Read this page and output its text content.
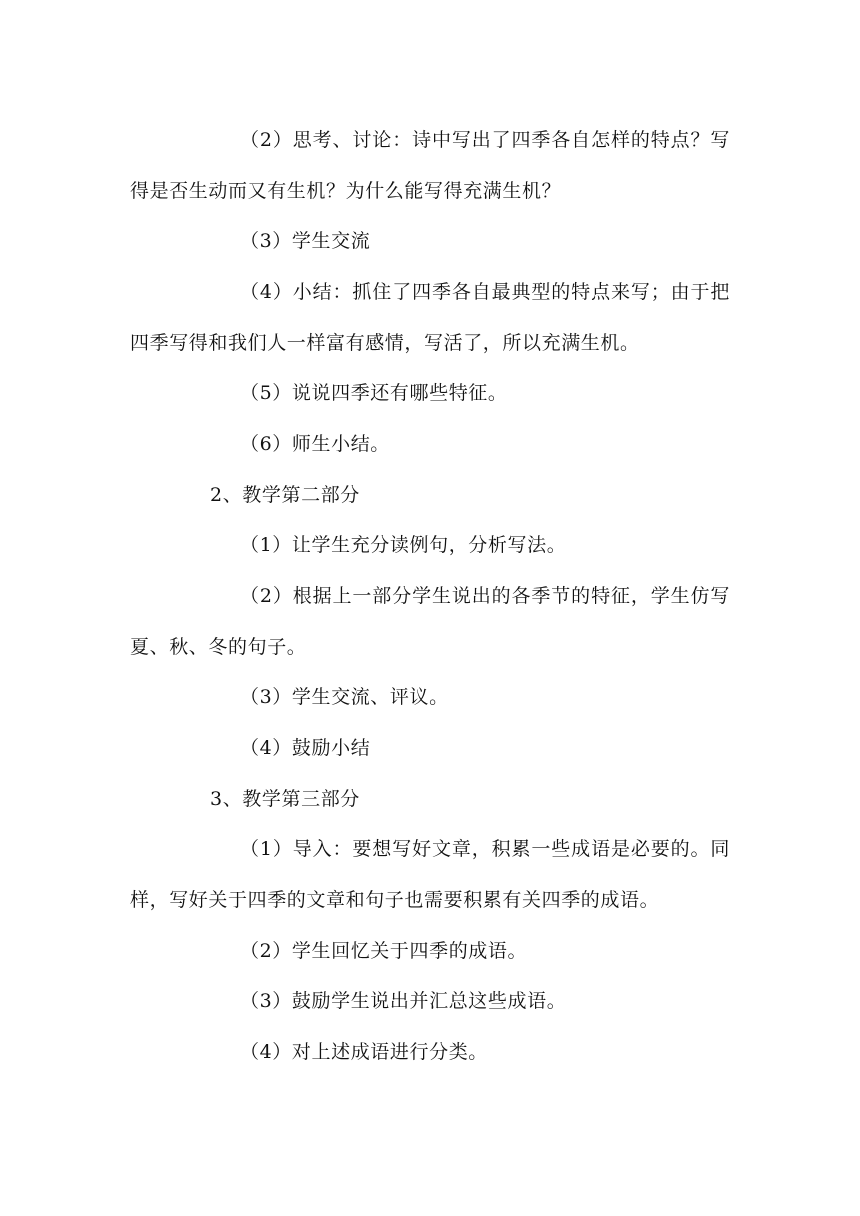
（2）思考、讨论：诗中写出了四季各自怎样的特点？写
得是否生动而又有生机？为什么能写得充满生机？
（3）学生交流
（4）小结：抓住了四季各自最典型的特点来写；由于把
四季写得和我们人一样富有感情，写活了，所以充满生机。
（5）说说四季还有哪些特征。
（6）师生小结。
2、教学第二部分
（1）让学生充分读例句，分析写法。
（2）根据上一部分学生说出的各季节的特征，学生仿写
夏、秋、冬的句子。
（3）学生交流、评议。
（4）鼓励小结
3、教学第三部分
（1）导入：要想写好文章，积累一些成语是必要的。同
样，写好关于四季的文章和句子也需要积累有关四季的成语。
（2）学生回忆关于四季的成语。
（3）鼓励学生说出并汇总这些成语。
（4）对上述成语进行分类。
